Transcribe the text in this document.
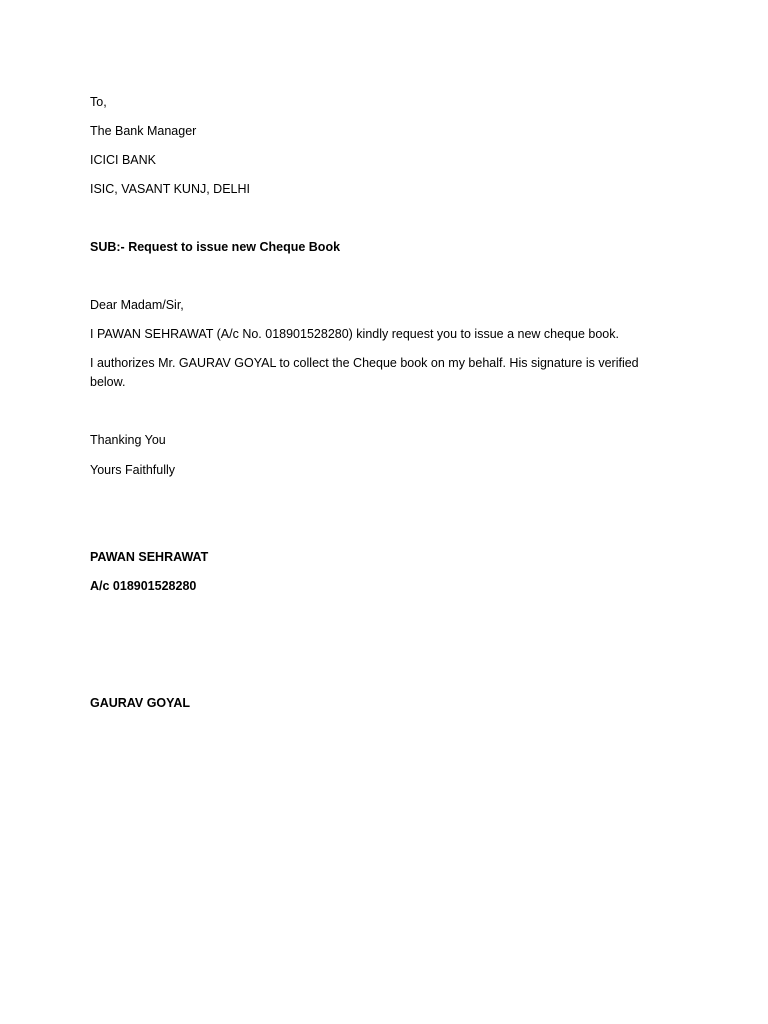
To,
The Bank Manager
ICICI BANK
ISIC, VASANT KUNJ, DELHI
SUB:- Request to issue new Cheque Book
Dear Madam/Sir,
I PAWAN SEHRAWAT (A/c No. 018901528280) kindly request you to issue a new cheque book.
I authorizes Mr. GAURAV GOYAL to collect the Cheque book on my behalf. His signature is verified below.
Thanking You
Yours Faithfully
PAWAN SEHRAWAT
A/c 018901528280
GAURAV GOYAL
